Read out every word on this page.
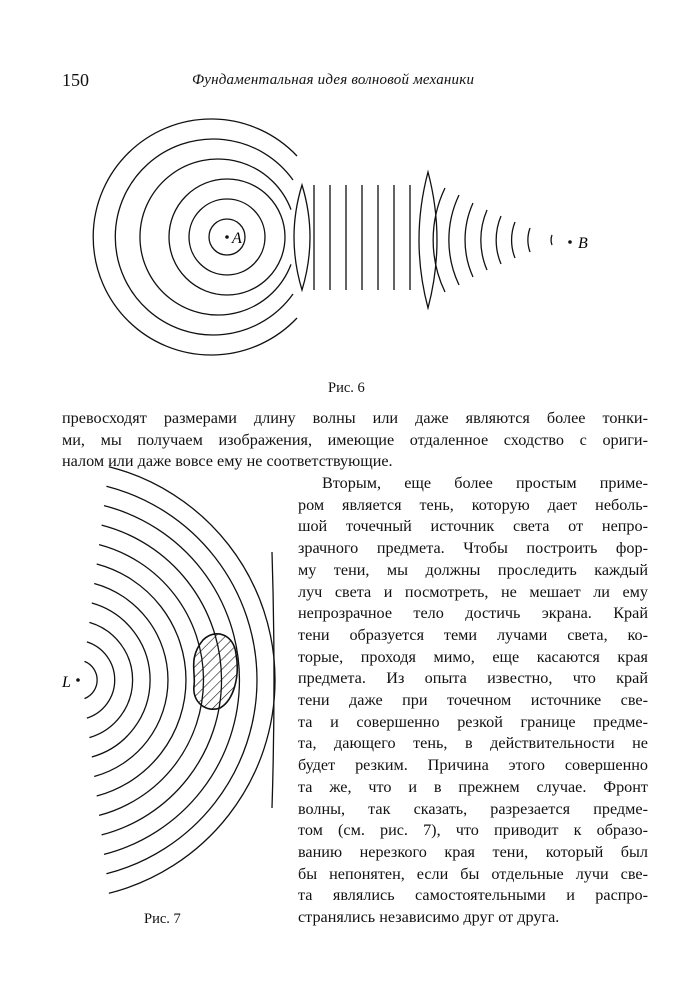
150	Фундаментальная идея волновой механики
A	B
L
Рис. 6
Рис. 7
превосходят размерами длину волны или даже являются более тонки-
ми, мы получаем изображения, имеющие отдаленное сходство с ориги-
налом или даже вовсе ему не соответствующие.
Вторым, еще более простым приме-
ром является тень, которую дает неболь-
шой точечный источник света от непро-
зрачного предмета. Чтобы построить фор-
му тени, мы должны проследить каждый
луч света и посмотреть, не мешает ли ему
непрозрачное тело достичь экрана. Край
тени образуется теми лучами света, ко-
торые, проходя мимо, еще касаются края
предмета. Из опыта известно, что край
тени даже при точечном источнике све-
та и совершенно резкой границе предме-
та, дающего тень, в действительности не
будет резким. Причина этого совершенно
та же, что и в прежнем случае. Фронт
волны, так сказать, разрезается предме-
том (см. рис. 7), что приводит к образо-
ванию нерезкого края тени, который был
бы непонятен, если бы отдельные лучи све-
та являлись самостоятельными и распро-
странялись независимо друг от друга.
